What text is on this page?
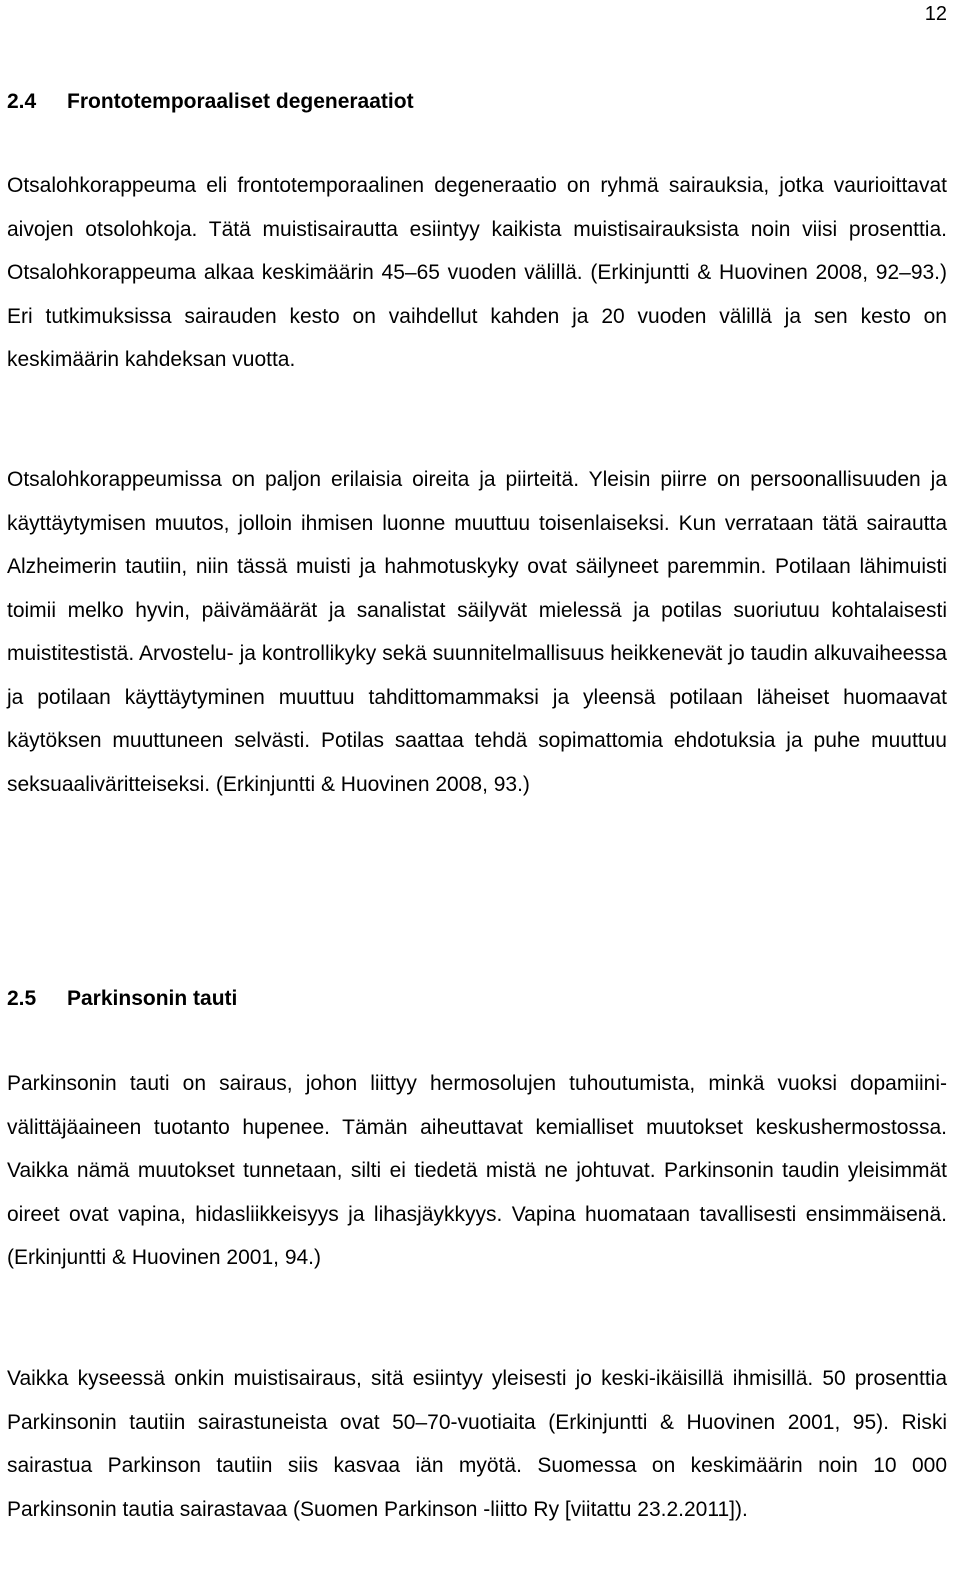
12
2.4	Frontotemporaaliset degeneraatiot

Otsalohkorappeuma eli frontotemporaalinen degeneraatio on ryhmä sairauksia, jotka vaurioittavat aivojen otsolohkoja. Tätä muistisairautta esiintyy kaikista muistisairauksista noin viisi prosenttia. Otsalohkorappeuma alkaa keskimäärin 45–65 vuoden välillä. (Erkinjuntti & Huovinen 2008, 92–93.) Eri tutkimuksissa sairauden kesto on vaihdellut kahden ja 20 vuoden välillä ja sen kesto on keskimäärin kahdeksan vuotta.

Otsalohkorappeumissa on paljon erilaisia oireita ja piirteitä. Yleisin piirre on persoonallisuuden ja käyttäytymisen muutos, jolloin ihmisen luonne muuttuu toisenlaiseksi. Kun verrataan tätä sairautta Alzheimerin tautiin, niin tässä muisti ja hahmotuskyky ovat säilyneet paremmin. Potilaan lähimuisti toimii melko hyvin, päivämäärät ja sanalistat säilyvät mielessä ja potilas suoriutuu kohtalaisesti muistitestistä. Arvostelu- ja kontrollikyky sekä suunnitelmallisuus heikkenevät jo taudin alkuvaiheessa ja potilaan käyttäytyminen muuttuu tahdittomammaksi ja yleensä potilaan läheiset huomaavat käytöksen muuttuneen selvästi. Potilas saattaa tehdä sopimattomia ehdotuksia ja puhe muuttuu seksuaaliväritteiseksi. (Erkinjuntti & Huovinen 2008, 93.)

2.5	Parkinsonin tauti

Parkinsonin tauti on sairaus, johon liittyy hermosolujen tuhoutumista, minkä vuoksi dopamiini-välittäjäaineen tuotanto hupenee. Tämän aiheuttavat kemialliset muutokset keskushermostossa. Vaikka nämä muutokset tunnetaan, silti ei tiedetä mistä ne johtuvat. Parkinsonin taudin yleisimmät oireet ovat vapina, hidasliikkeisyys ja lihasjäykkyys. Vapina huomataan tavallisesti ensimmäisenä. (Erkinjuntti & Huovinen 2001, 94.)

Vaikka kyseessä onkin muistisairaus, sitä esiintyy yleisesti jo keski-ikäisillä ihmisillä. 50 prosenttia Parkinsonin tautiin sairastuneista ovat 50–70-vuotiaita (Erkinjuntti & Huovinen 2001, 95). Riski sairastua Parkinson tautiin siis kasvaa iän myötä. Suomessa on keskimäärin noin 10 000 Parkinsonin tautia sairastavaa (Suomen Parkinson -liitto Ry [viitattu 23.2.2011]).
